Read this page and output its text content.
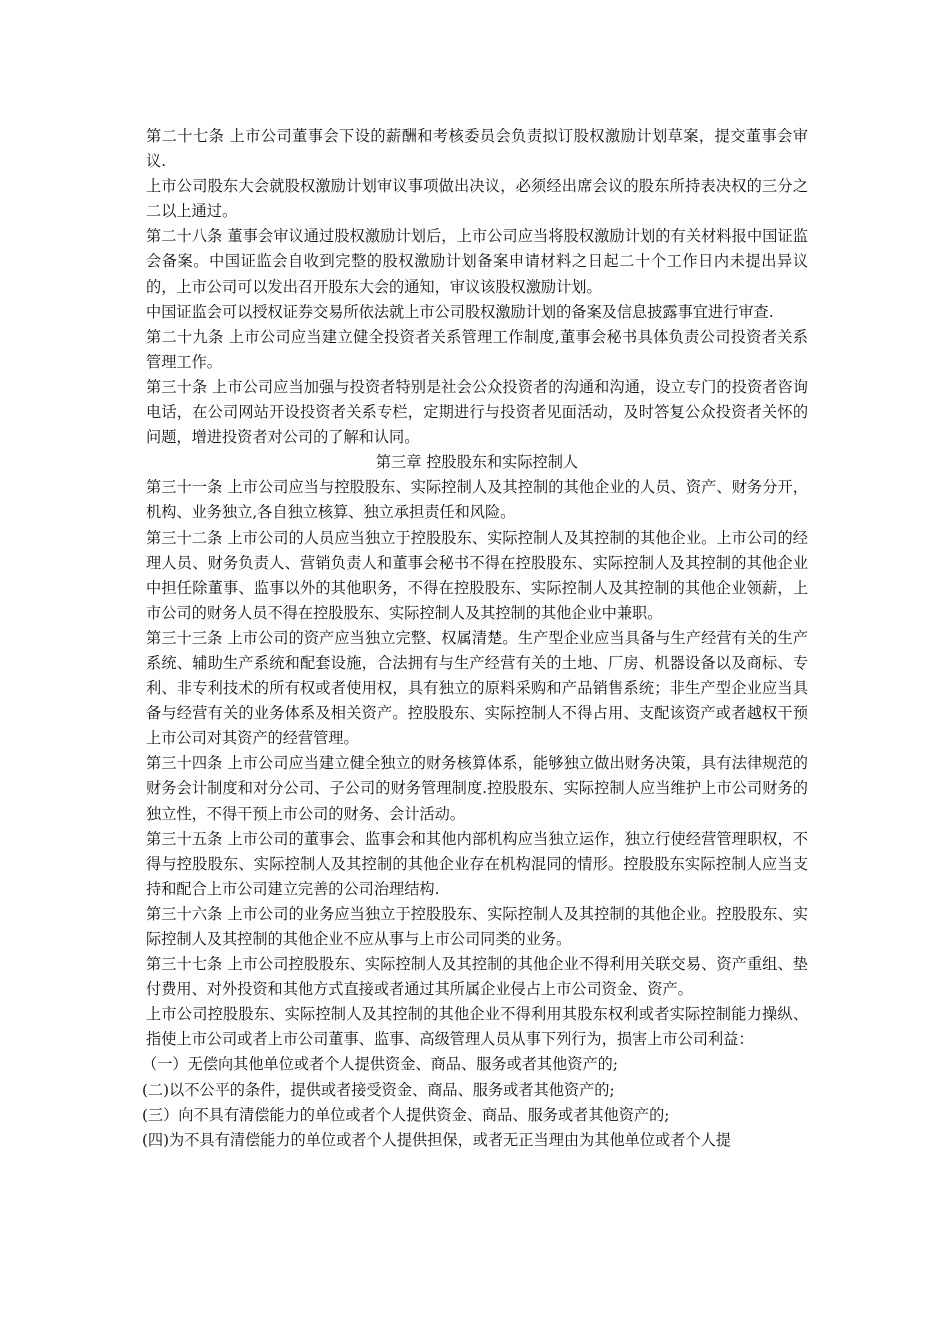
第二十七条 上市公司董事会下设的薪酬和考核委员会负责拟订股权激励计划草案，提交董事会审议.

上市公司股东大会就股权激励计划审议事项做出决议，必须经出席会议的股东所持表决权的三分之二以上通过。

第二十八条 董事会审议通过股权激励计划后，上市公司应当将股权激励计划的有关材料报中国证监会备案。中国证监会自收到完整的股权激励计划备案申请材料之日起二十个工作日内未提出异议的，上市公司可以发出召开股东大会的通知，审议该股权激励计划。

中国证监会可以授权证券交易所依法就上市公司股权激励计划的备案及信息披露事宜进行审查.

第二十九条 上市公司应当建立健全投资者关系管理工作制度,董事会秘书具体负责公司投资者关系管理工作。

第三十条 上市公司应当加强与投资者特别是社会公众投资者的沟通和沟通，设立专门的投资者咨询电话，在公司网站开设投资者关系专栏，定期进行与投资者见面活动，及时答复公众投资者关怀的问题，增进投资者对公司的了解和认同。

第三章 控股股东和实际控制人

第三十一条 上市公司应当与控股股东、实际控制人及其控制的其他企业的人员、资产、财务分开，机构、业务独立,各自独立核算、独立承担责任和风险。

第三十二条 上市公司的人员应当独立于控股股东、实际控制人及其控制的其他企业。上市公司的经理人员、财务负责人、营销负责人和董事会秘书不得在控股股东、实际控制人及其控制的其他企业中担任除董事、监事以外的其他职务，不得在控股股东、实际控制人及其控制的其他企业领薪，上市公司的财务人员不得在控股股东、实际控制人及其控制的其他企业中兼职。

第三十三条 上市公司的资产应当独立完整、权属清楚。生产型企业应当具备与生产经营有关的生产系统、辅助生产系统和配套设施，合法拥有与生产经营有关的土地、厂房、机器设备以及商标、专利、非专利技术的所有权或者使用权，具有独立的原料采购和产品销售系统；非生产型企业应当具备与经营有关的业务体系及相关资产。控股股东、实际控制人不得占用、支配该资产或者越权干预上市公司对其资产的经营管理。

第三十四条 上市公司应当建立健全独立的财务核算体系，能够独立做出财务决策，具有法律规范的财务会计制度和对分公司、子公司的财务管理制度.控股股东、实际控制人应当维护上市公司财务的独立性，不得干预上市公司的财务、会计活动。

第三十五条 上市公司的董事会、监事会和其他内部机构应当独立运作，独立行使经营管理职权，不得与控股股东、实际控制人及其控制的其他企业存在机构混同的情形。控股股东实际控制人应当支持和配合上市公司建立完善的公司治理结构.

第三十六条 上市公司的业务应当独立于控股股东、实际控制人及其控制的其他企业。控股股东、实际控制人及其控制的其他企业不应从事与上市公司同类的业务。

第三十七条 上市公司控股股东、实际控制人及其控制的其他企业不得利用关联交易、资产重组、垫付费用、对外投资和其他方式直接或者通过其所属企业侵占上市公司资金、资产。

上市公司控股股东、实际控制人及其控制的其他企业不得利用其股东权利或者实际控制能力操纵、指使上市公司或者上市公司董事、监事、高级管理人员从事下列行为，损害上市公司利益：

（一）无偿向其他单位或者个人提供资金、商品、服务或者其他资产的;

(二)以不公平的条件，提供或者接受资金、商品、服务或者其他资产的;

(三）向不具有清偿能力的单位或者个人提供资金、商品、服务或者其他资产的;

(四)为不具有清偿能力的单位或者个人提供担保，或者无正当理由为其他单位或者个人提
